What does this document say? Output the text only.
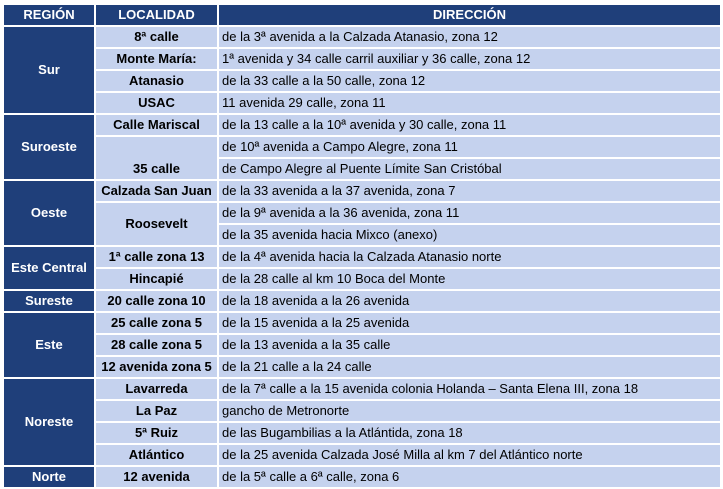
REGIÓN	LOCALIDAD	DIRECCIÓN
Sur	8ª calle	de la 3ª avenida a la Calzada Atanasio, zona 12
	Monte María:	1ª avenida y 34 calle carril auxiliar y 36 calle, zona 12
	Atanasio	de la 33 calle a la 50 calle, zona 12
	USAC	11 avenida 29 calle, zona 11
Suroeste	Calle Mariscal	de la 13 calle a la 10ª avenida y 30 calle, zona 11
	35 calle	de 10ª avenida a Campo Alegre, zona 11
		de Campo Alegre al Puente Límite San Cristóbal
Oeste	Calzada San Juan	de la 33 avenida a la 37 avenida, zona 7
	Roosevelt	de la 9ª avenida a la 36 avenida, zona 11
		de la 35 avenida hacia Mixco (anexo)
Este Central	1ª calle zona 13	de la 4ª avenida hacia la Calzada Atanasio norte
	Hincapié	de la 28 calle al km 10 Boca del Monte
Sureste	20 calle zona 10	de la 18 avenida a la 26 avenida
Este	25 calle zona 5	de la 15 avenida a la 25 avenida
	28 calle zona 5	de la 13 avenida a la 35 calle
	12 avenida zona 5	de la 21 calle a la 24 calle
Noreste	Lavarreda	de la 7ª calle a la 15 avenida colonia Holanda – Santa Elena III, zona 18
	La Paz	gancho de Metronorte
	5ª Ruiz	de las Bugambilias a la Atlántida, zona 18
	Atlántico	de la 25 avenida Calzada José Milla al km 7 del Atlántico norte
Norte	12 avenida	de la 5ª calle a 6ª calle, zona 6
